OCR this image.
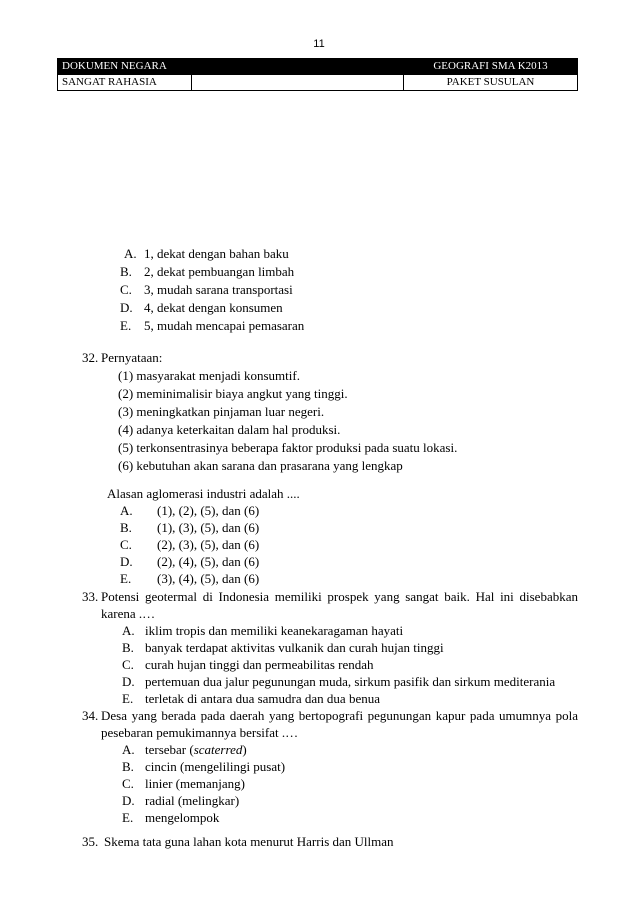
11
DOKUMEN NEGARA		GEOGRAFI SMA K2013
SANGAT RAHASIA		PAKET SUSULAN
A. 1, dekat dengan bahan baku
B. 2, dekat pembuangan limbah
C. 3, mudah sarana transportasi
D. 4, dekat dengan konsumen
E. 5, mudah mencapai pemasaran
32. Pernyataan:
(1) masyarakat menjadi konsumtif.
(2) meminimalisir biaya angkut yang tinggi.
(3) meningkatkan pinjaman luar negeri.
(4) adanya keterkaitan dalam hal produksi.
(5) terkonsentrasinya beberapa faktor produksi pada suatu lokasi.
(6) kebutuhan akan sarana dan prasarana yang lengkap
Alasan aglomerasi industri adalah ....
A. (1), (2), (5), dan (6)
B. (1), (3), (5), dan (6)
C. (2), (3), (5), dan (6)
D. (2), (4), (5), dan (6)
E. (3), (4), (5), dan (6)
33. Potensi geotermal di Indonesia memiliki prospek yang sangat baik. Hal ini disebabkan
karena .…
A. iklim tropis dan memiliki keanekaragaman hayati
B. banyak terdapat aktivitas vulkanik dan curah hujan tinggi
C. curah hujan tinggi dan permeabilitas rendah
D. pertemuan dua jalur pegunungan muda, sirkum pasifik dan sirkum mediterania
E. terletak di antara dua samudra dan dua benua
34. Desa yang berada pada daerah yang bertopografi pegunungan kapur pada umumnya pola
pesebaran pemukimannya bersifat .…
A. tersebar (scaterred)
B. cincin (mengelilingi pusat)
C. linier (memanjang)
D. radial (melingkar)
E. mengelompok
35. Skema tata guna lahan kota menurut Harris dan Ullman
